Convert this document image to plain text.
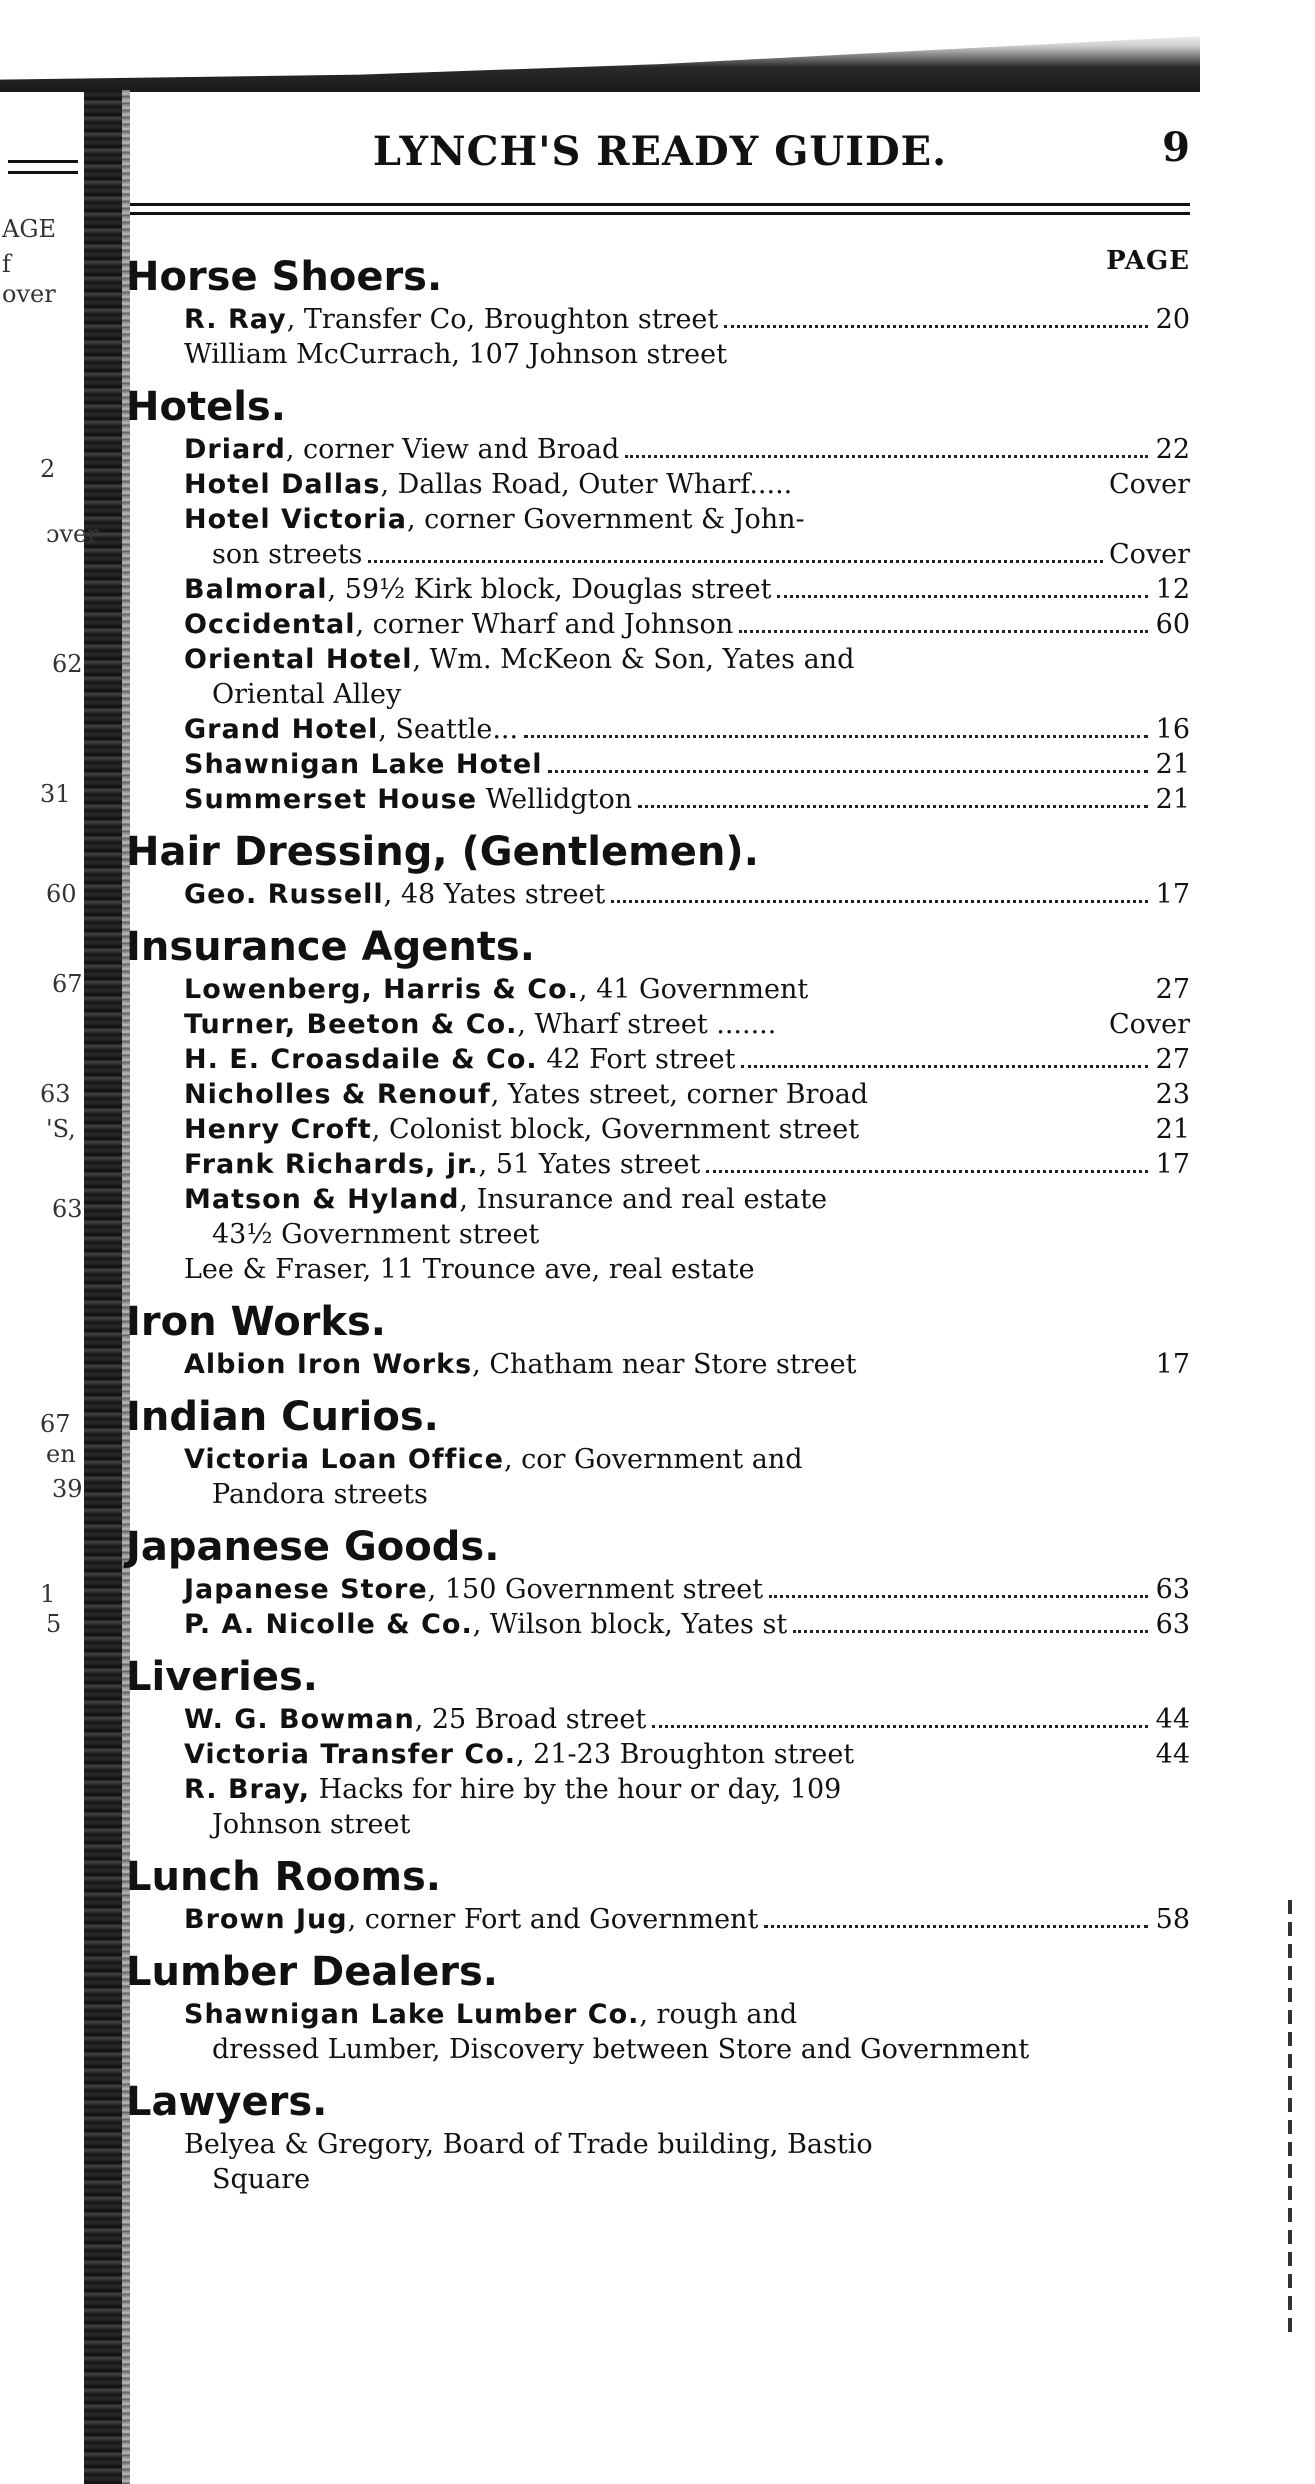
AGE
f
over
2
ɔver
62
31
60
67
63
'S,
63
67
en
39
1
5
LYNCH'S READY GUIDE.	9
PAGE
Horse Shoers.
R. Ray, Transfer Co, Broughton street	20
William McCurrach, 107 Johnson street
Hotels.
Driard, corner View and Broad	22
Hotel Dallas, Dallas Road, Outer Wharf.....	Cover
Hotel Victoria, corner Government & John-
son streets	Cover
Balmoral, 59½ Kirk block, Douglas street	12
Occidental, corner Wharf and Johnson	60
Oriental Hotel, Wm. McKeon & Son, Yates and
Oriental Alley
Grand Hotel, Seattle...	16
Shawnigan Lake Hotel	21
Summerset House Wellidgton	21
Hair Dressing, (Gentlemen).
Geo. Russell, 48 Yates street	17
Insurance Agents.
Lowenberg, Harris & Co., 41 Government	27
Turner, Beeton & Co., Wharf street .......	Cover
H. E. Croasdaile & Co. 42 Fort street	27
Nicholles & Renouf, Yates street, corner Broad	23
Henry Croft, Colonist block, Government street	21
Frank Richards, jr., 51 Yates street	17
Matson & Hyland, Insurance and real estate
43½ Government street
Lee & Fraser, 11 Trounce ave, real estate
Iron Works.
Albion Iron Works, Chatham near Store street	17
Indian Curios.
Victoria Loan Office, cor Government and
Pandora streets
Japanese Goods.
Japanese Store, 150 Government street	63
P. A. Nicolle & Co., Wilson block, Yates st	63
Liveries.
W. G. Bowman, 25 Broad street	44
Victoria Transfer Co., 21-23 Broughton street	44
R. Bray, Hacks for hire by the hour or day, 109
Johnson street
Lunch Rooms.
Brown Jug, corner Fort and Government	58
Lumber Dealers.
Shawnigan Lake Lumber Co., rough and
dressed Lumber, Discovery between Store and Government
Lawyers.
Belyea & Gregory, Board of Trade building, Bastio
Square
